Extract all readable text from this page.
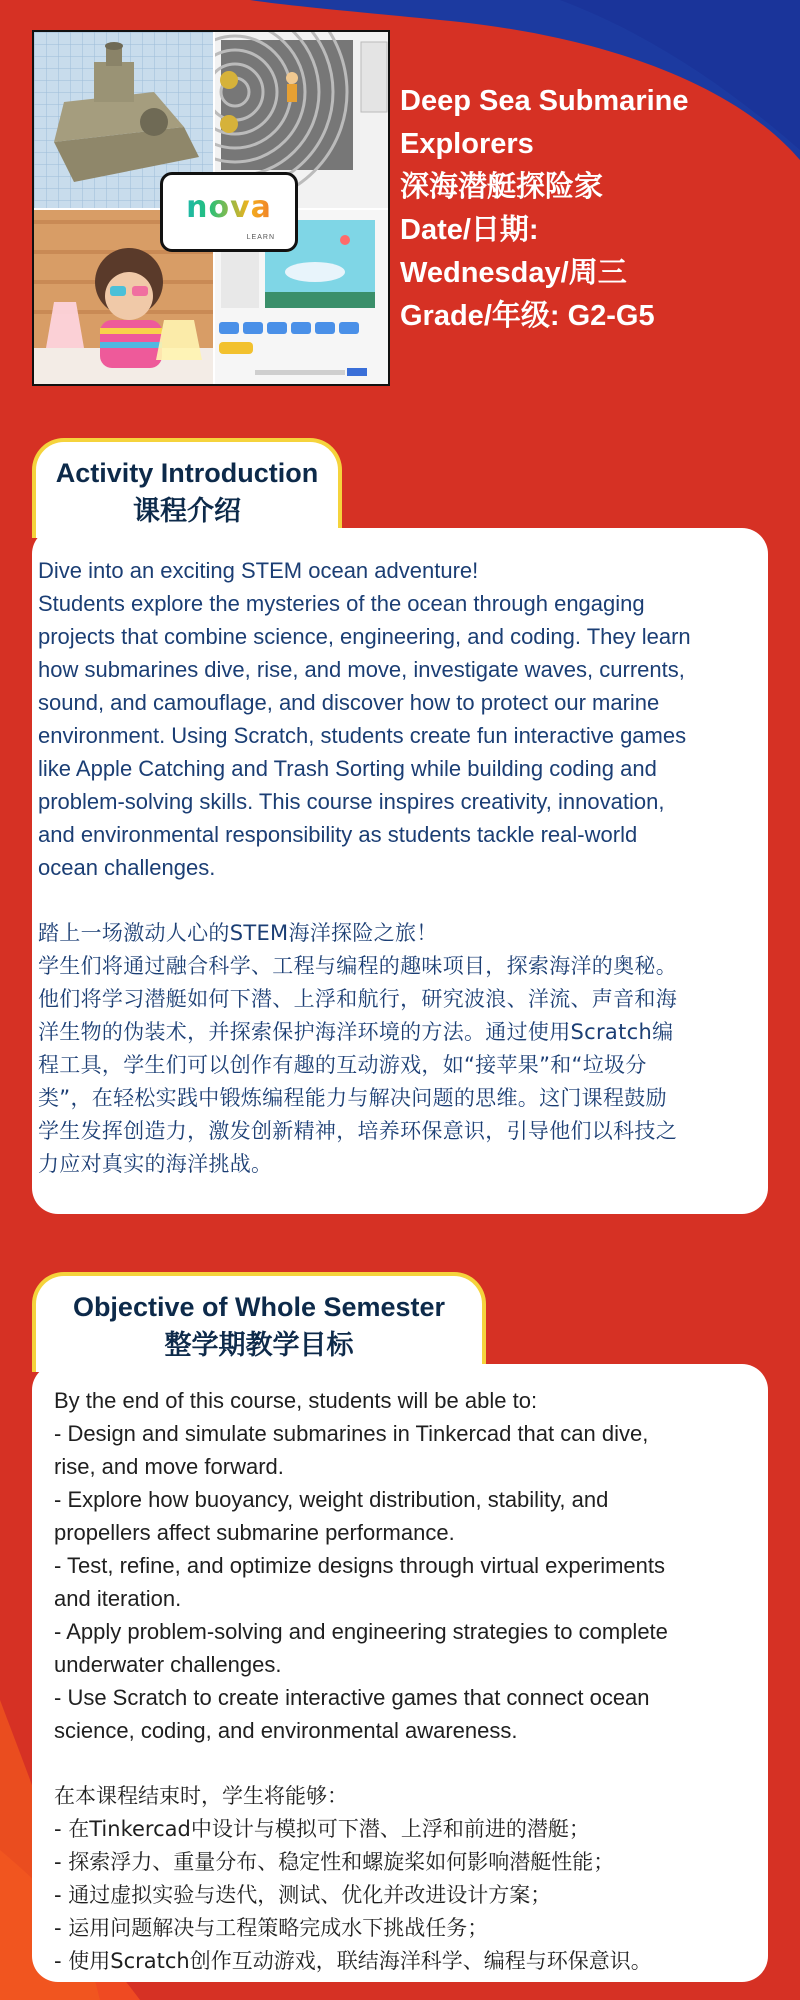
nova
LEARN
Deep Sea Submarine
Explorers
深海潜艇探险家
Date/日期:
Wednesday/周三
Grade/年级: G2-G5
Activity Introduction
课程介绍

Dive into an exciting STEM ocean adventure!

Students explore the mysteries of the ocean through engaging

projects that combine science, engineering, and coding. They learn

how submarines dive, rise, and move, investigate waves, currents,

sound, and camouflage, and discover how to protect our marine

environment. Using Scratch, students create fun interactive games

like Apple Catching and Trash Sorting while building coding and

problem-solving skills. This course inspires creativity, innovation,

and environmental responsibility as students tackle real-world

ocean challenges.

踏上一场激动人心的STEM海洋探险之旅！

学生们将通过融合科学、工程与编程的趣味项目，探索海洋的奥秘。

他们将学习潜艇如何下潜、上浮和航行，研究波浪、洋流、声音和海

洋生物的伪装术，并探索保护海洋环境的方法。通过使用Scratch编

程工具，学生们可以创作有趣的互动游戏，如“接苹果”和“垃圾分

类”，在轻松实践中锻炼编程能力与解决问题的思维。这门课程鼓励

学生发挥创造力，激发创新精神，培养环保意识，引导他们以科技之

力应对真实的海洋挑战。

Objective of Whole Semester
整学期教学目标

By the end of this course, students will be able to:

- Design and simulate submarines in Tinkercad that can dive,

rise, and move forward.

- Explore how buoyancy, weight distribution, stability, and

propellers affect submarine performance.

- Test, refine, and optimize designs through virtual experiments

and iteration.

- Apply problem-solving and engineering strategies to complete

underwater challenges.

- Use Scratch to create interactive games that connect ocean

science, coding, and environmental awareness.

在本课程结束时，学生将能够：

- 在Tinkercad中设计与模拟可下潜、上浮和前进的潜艇；

- 探索浮力、重量分布、稳定性和螺旋桨如何影响潜艇性能；

- 通过虚拟实验与迭代，测试、优化并改进设计方案；

- 运用问题解决与工程策略完成水下挑战任务；

- 使用Scratch创作互动游戏，联结海洋科学、编程与环保意识。
